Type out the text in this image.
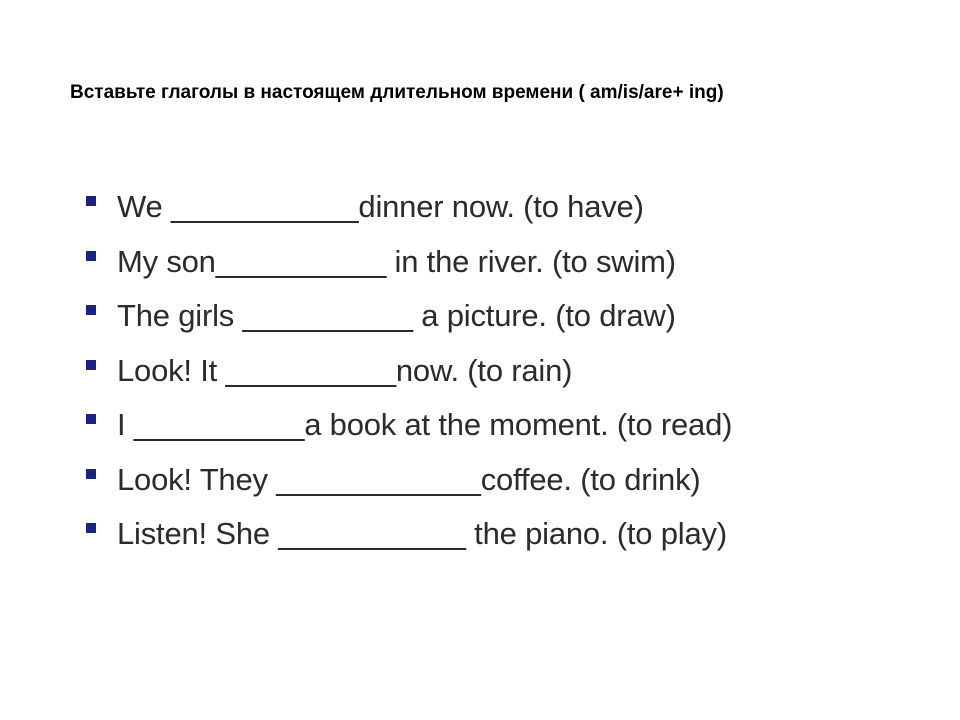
Вставьте глаголы в настоящем длительном времени ( am/is/are+ ing)
We ___________dinner now. (to have)
My son__________ in the river. (to swim)
The girls __________ a picture. (to draw)
Look! It __________now. (to rain)
I __________a book at the moment. (to read)
Look! They ____________coffee. (to drink)
Listen! She ___________ the piano. (to play)
